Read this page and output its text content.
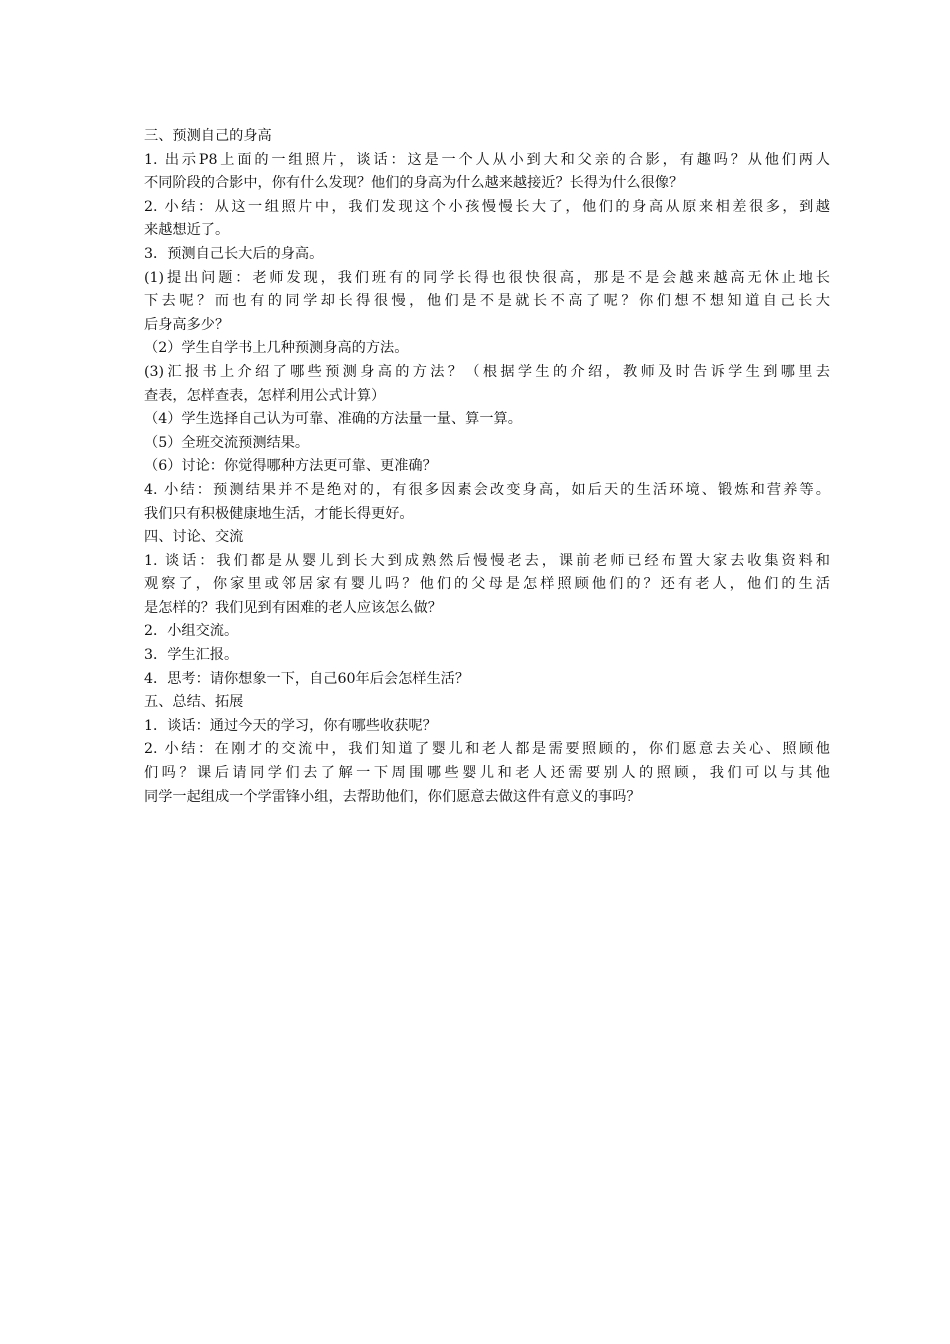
三、预测自己的身高
1. 出示P8上面的一组照片，谈话：这是一个人从小到大和父亲的合影，有趣吗？从他们两人
不同阶段的合影中，你有什么发现？他们的身高为什么越来越接近？长得为什么很像？
2. 小结：从这一组照片中，我们发现这个小孩慢慢长大了，他们的身高从原来相差很多，到越
来越想近了。
3．预测自己长大后的身高。
(1)提出问题：老师发现，我们班有的同学长得也很快很高，那是不是会越来越高无休止地长
下去呢？而也有的同学却长得很慢，他们是不是就长不高了呢？你们想不想知道自己长大
后身高多少？
（2）学生自学书上几种预测身高的方法。
(3)汇报书上介绍了哪些预测身高的方法？（根据学生的介绍，教师及时告诉学生到哪里去
查表，怎样查表，怎样利用公式计算）
（4）学生选择自己认为可靠、准确的方法量一量、算一算。
（5）全班交流预测结果。
（6）讨论：你觉得哪种方法更可靠、更准确？
4. 小结：预测结果并不是绝对的，有很多因素会改变身高，如后天的生活环境、锻炼和营养等。
我们只有积极健康地生活，才能长得更好。
四、讨论、交流
1. 谈话：我们都是从婴儿到长大到成熟然后慢慢老去，课前老师已经布置大家去收集资料和
观察了，你家里或邻居家有婴儿吗？他们的父母是怎样照顾他们的？还有老人，他们的生活
是怎样的？我们见到有困难的老人应该怎么做？
2．小组交流。
3．学生汇报。
4．思考：请你想象一下，自己60年后会怎样生活？
五、总结、拓展
1．谈话：通过今天的学习，你有哪些收获呢？
2. 小结：在刚才的交流中，我们知道了婴儿和老人都是需要照顾的，你们愿意去关心、照顾他
们吗？课后请同学们去了解一下周围哪些婴儿和老人还需要别人的照顾，我们可以与其他
同学一起组成一个学雷锋小组，去帮助他们，你们愿意去做这件有意义的事吗？
